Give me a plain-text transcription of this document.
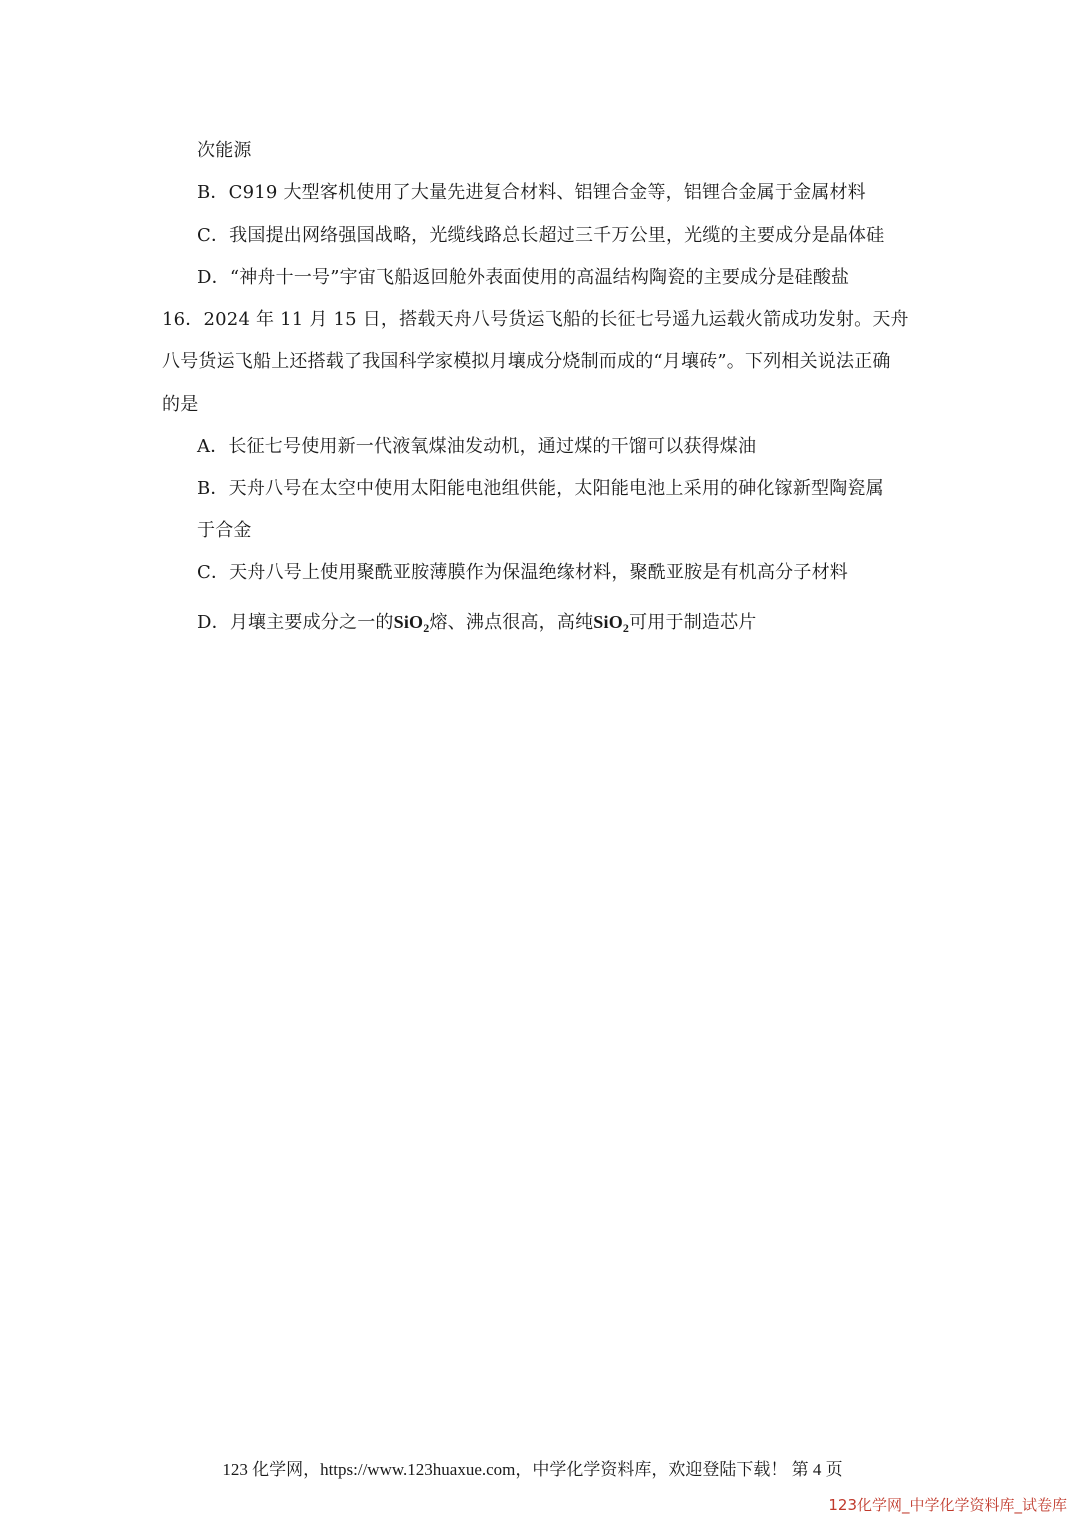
次能源
B．C919 大型客机使用了大量先进复合材料、铝锂合金等，铝锂合金属于金属材料
C．我国提出网络强国战略，光缆线路总长超过三千万公里，光缆的主要成分是晶体硅
D．“神舟十一号”宇宙飞船返回舱外表面使用的高温结构陶瓷的主要成分是硅酸盐
16．2024 年 11 月 15 日，搭载天舟八号货运飞船的长征七号遥九运载火箭成功发射。天舟
八号货运飞船上还搭载了我国科学家模拟月壤成分烧制而成的“月壤砖”。下列相关说法正确
的是
A．长征七号使用新一代液氧煤油发动机，通过煤的干馏可以获得煤油
B．天舟八号在太空中使用太阳能电池组供能，太阳能电池上采用的砷化镓新型陶瓷属
于合金
C．天舟八号上使用聚酰亚胺薄膜作为保温绝缘材料，聚酰亚胺是有机高分子材料
D．月壤主要成分之一的SiO$_2$熔、沸点很高，高纯SiO$_2$可用于制造芯片
123 化学网，https://www.123huaxue.com，中学化学资料库，欢迎登陆下载！ 第 4 页
123化学网_中学化学资料库_试卷库
